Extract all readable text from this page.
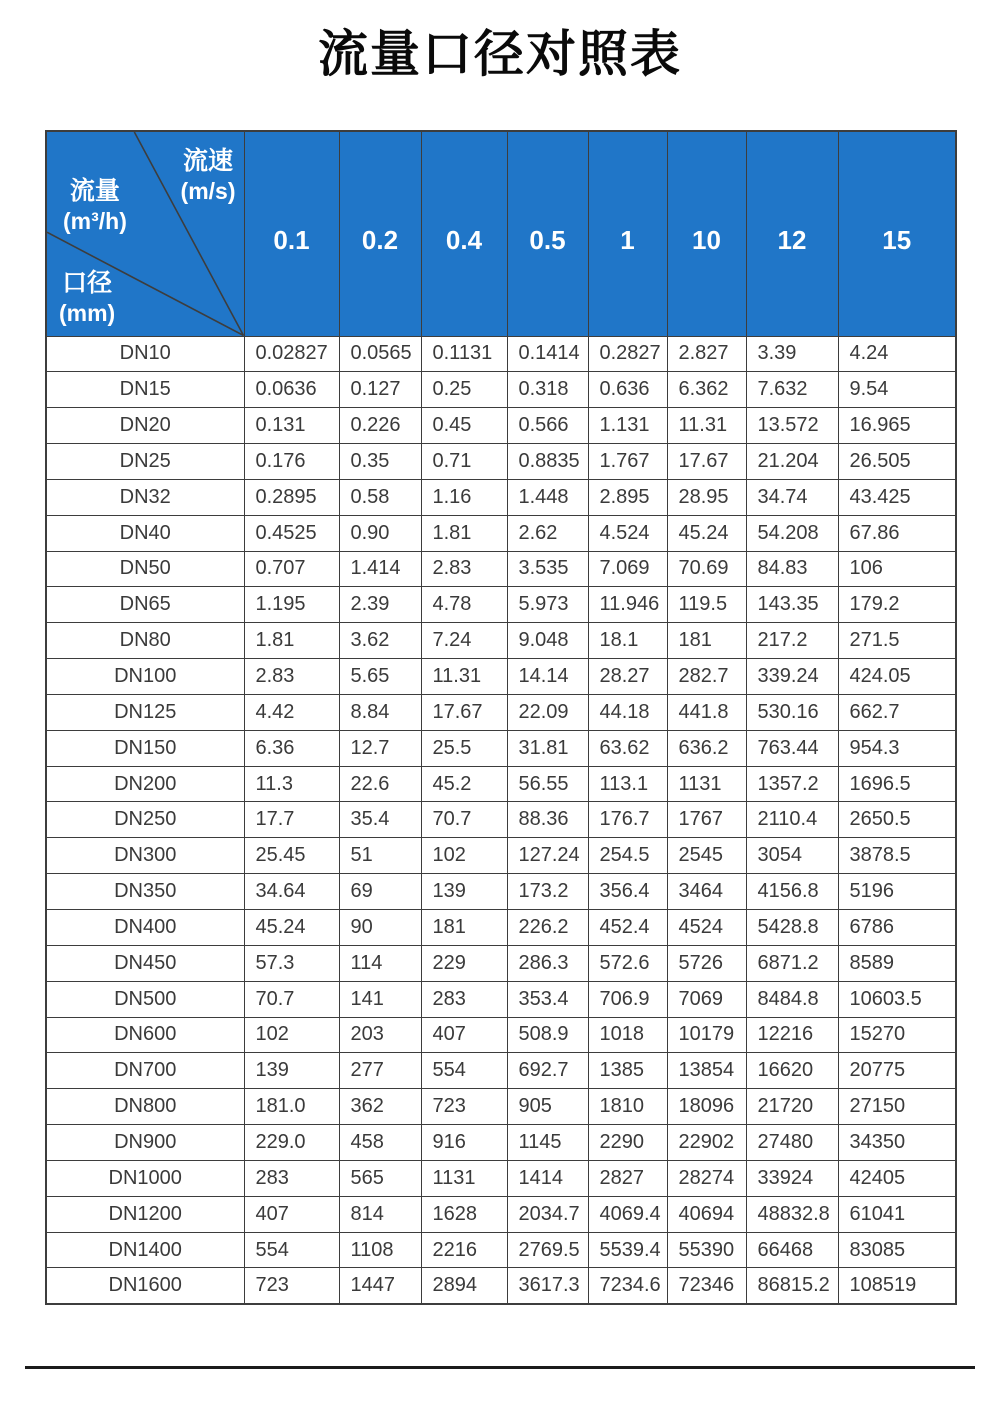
流量口径对照表
流速
(m/s)
流量
(m³/h)
口径
(mm)
	0.1	0.2	0.4	0.5	1	10	12	15
DN10	0.02827	0.0565	0.1131	0.1414	0.2827	2.827	3.39	4.24
DN15	0.0636	0.127	0.25	0.318	0.636	6.362	7.632	9.54
DN20	0.131	0.226	0.45	0.566	1.131	11.31	13.572	16.965
DN25	0.176	0.35	0.71	0.8835	1.767	17.67	21.204	26.505
DN32	0.2895	0.58	1.16	1.448	2.895	28.95	34.74	43.425
DN40	0.4525	0.90	1.81	2.62	4.524	45.24	54.208	67.86
DN50	0.707	1.414	2.83	3.535	7.069	70.69	84.83	106
DN65	1.195	2.39	4.78	5.973	11.946	119.5	143.35	179.2
DN80	1.81	3.62	7.24	9.048	18.1	181	217.2	271.5
DN100	2.83	5.65	11.31	14.14	28.27	282.7	339.24	424.05
DN125	4.42	8.84	17.67	22.09	44.18	441.8	530.16	662.7
DN150	6.36	12.7	25.5	31.81	63.62	636.2	763.44	954.3
DN200	11.3	22.6	45.2	56.55	113.1	1131	1357.2	1696.5
DN250	17.7	35.4	70.7	88.36	176.7	1767	2110.4	2650.5
DN300	25.45	51	102	127.24	254.5	2545	3054	3878.5
DN350	34.64	69	139	173.2	356.4	3464	4156.8	5196
DN400	45.24	90	181	226.2	452.4	4524	5428.8	6786
DN450	57.3	114	229	286.3	572.6	5726	6871.2	8589
DN500	70.7	141	283	353.4	706.9	7069	8484.8	10603.5
DN600	102	203	407	508.9	1018	10179	12216	15270
DN700	139	277	554	692.7	1385	13854	16620	20775
DN800	181.0	362	723	905	1810	18096	21720	27150
DN900	229.0	458	916	1145	2290	22902	27480	34350
DN1000	283	565	1131	1414	2827	28274	33924	42405
DN1200	407	814	1628	2034.7	4069.4	40694	48832.8	61041
DN1400	554	1108	2216	2769.5	5539.4	55390	66468	83085
DN1600	723	1447	2894	3617.3	7234.6	72346	86815.2	108519
